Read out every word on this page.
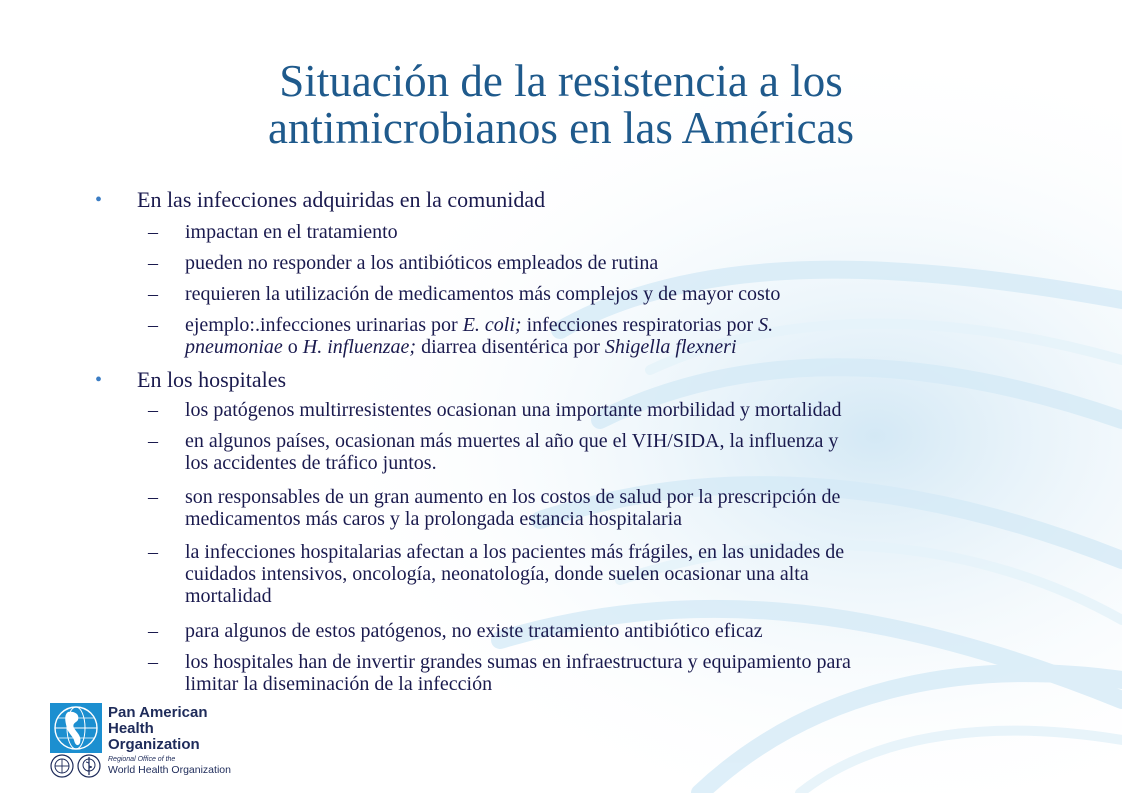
Situación de la resistencia a los
antimicrobianos en las Américas
• En las infecciones adquiridas en la comunidad
– impactan en el tratamiento
– pueden no responder a los antibióticos empleados de rutina
– requieren la utilización de medicamentos más complejos y de mayor costo
– ejemplo:.infecciones urinarias por E. coli; infecciones respiratorias por S.
pneumoniae o H. influenzae; diarrea disentérica por Shigella flexneri
• En los hospitales
– los patógenos multirresistentes ocasionan una importante morbilidad y mortalidad
– en algunos países, ocasionan más muertes al año que el VIH/SIDA, la influenza y
los accidentes de tráfico juntos.
– son responsables de un gran aumento en los costos de salud por la prescripción de
medicamentos más caros y la prolongada estancia hospitalaria
– la infecciones hospitalarias afectan a los pacientes más frágiles, en las unidades de
cuidados intensivos, oncología, neonatología, donde suelen ocasionar una alta
mortalidad
– para algunos de estos patógenos, no existe tratamiento antibiótico eficaz
– los hospitales han de invertir grandes sumas en infraestructura y equipamiento para
limitar la diseminación de la infección
Pan American
Health
Organization
Regional Office of the
World Health Organization
